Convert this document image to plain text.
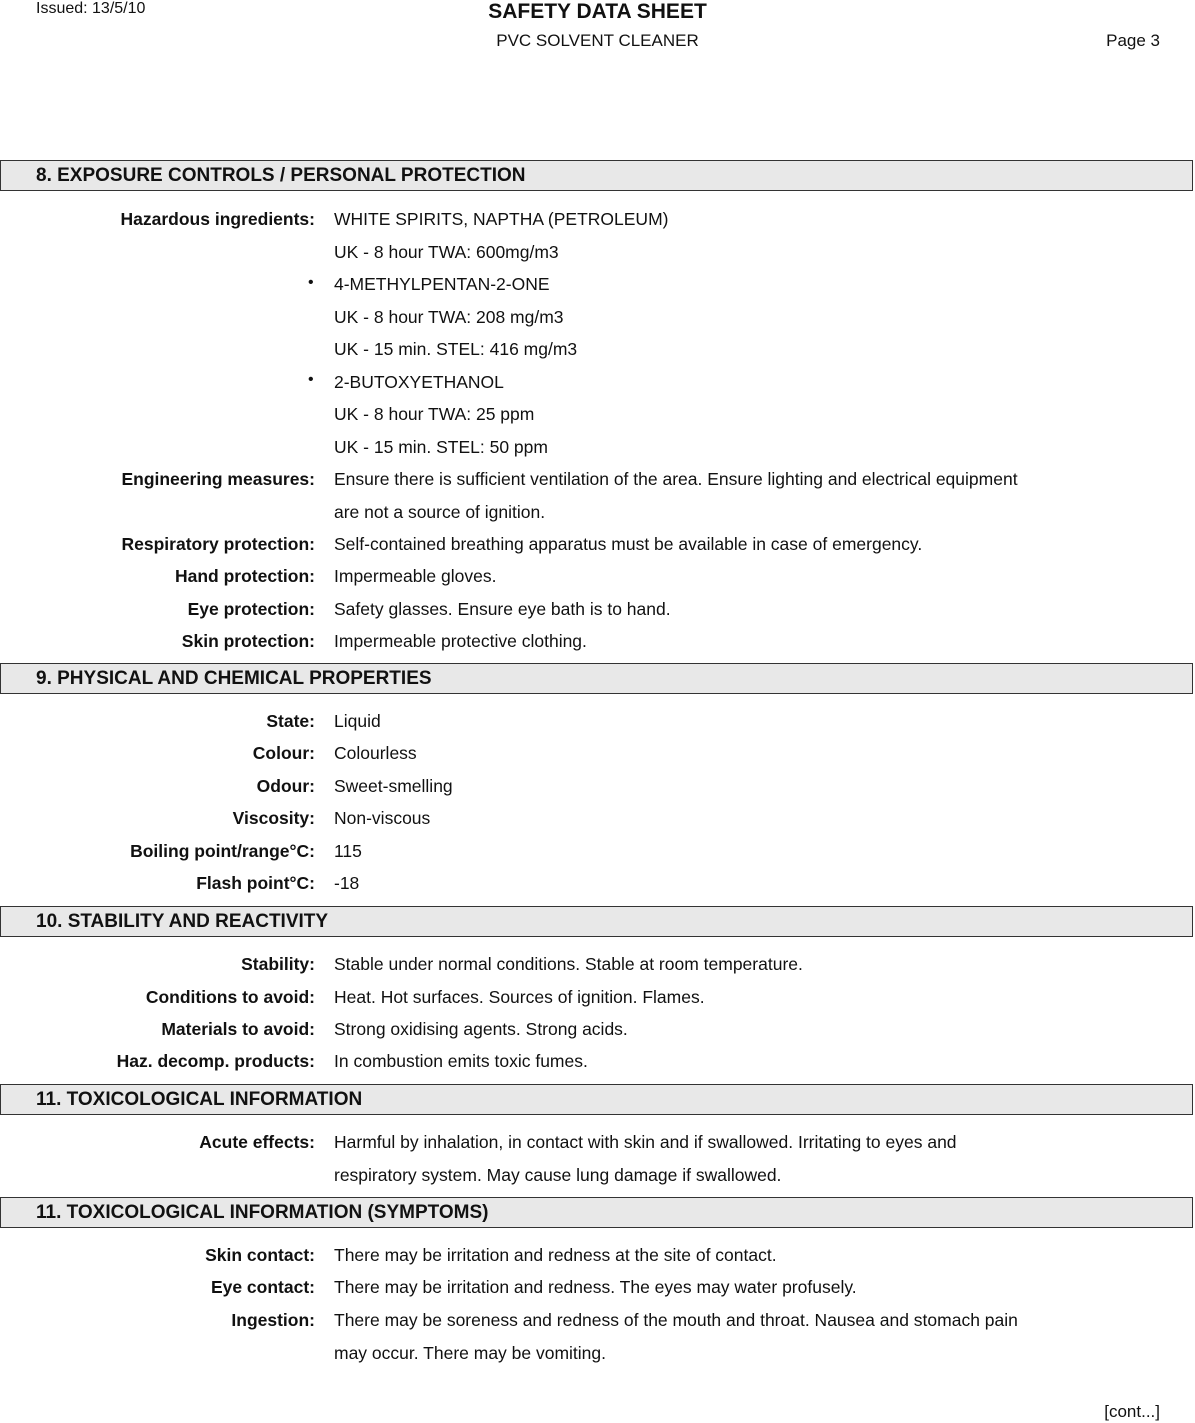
Issued: 13/5/10	SAFETY DATA SHEET
PVC SOLVENT CLEANER	Page 3
8. EXPOSURE CONTROLS / PERSONAL PROTECTION
Hazardous ingredients:
•
•
WHITE SPIRITS, NAPTHA (PETROLEUM)
UK - 8 hour TWA: 600mg/m3
4-METHYLPENTAN-2-ONE
UK - 8 hour TWA: 208 mg/m3
UK - 15 min. STEL: 416 mg/m3
2-BUTOXYETHANOL
UK - 8 hour TWA: 25 ppm
UK - 15 min. STEL: 50 ppm
Engineering measures: Ensure there is sufficient ventilation of the area. Ensure lighting and electrical equipment
are not a source of ignition.
Respiratory protection: Self-contained breathing apparatus must be available in case of emergency.
Hand protection: Impermeable gloves.
Eye protection: Safety glasses. Ensure eye bath is to hand.
Skin protection: Impermeable protective clothing.
9. PHYSICAL AND CHEMICAL PROPERTIES
State: Liquid
Colour: Colourless
Odour: Sweet-smelling
Viscosity: Non-viscous
Boiling point/range°C: 115
Flash point°C: -18
10. STABILITY AND REACTIVITY
Stability: Stable under normal conditions. Stable at room temperature.
Conditions to avoid: Heat. Hot surfaces. Sources of ignition. Flames.
Materials to avoid: Strong oxidising agents. Strong acids.
Haz. decomp. products: In combustion emits toxic fumes.
11. TOXICOLOGICAL INFORMATION
Acute effects: Harmful by inhalation, in contact with skin and if swallowed. Irritating to eyes and
respiratory system. May cause lung damage if swallowed.
11. TOXICOLOGICAL INFORMATION (SYMPTOMS)
Skin contact: There may be irritation and redness at the site of contact.
Eye contact: There may be irritation and redness. The eyes may water profusely.
Ingestion: There may be soreness and redness of the mouth and throat. Nausea and stomach pain
may occur. There may be vomiting.
[cont...]
